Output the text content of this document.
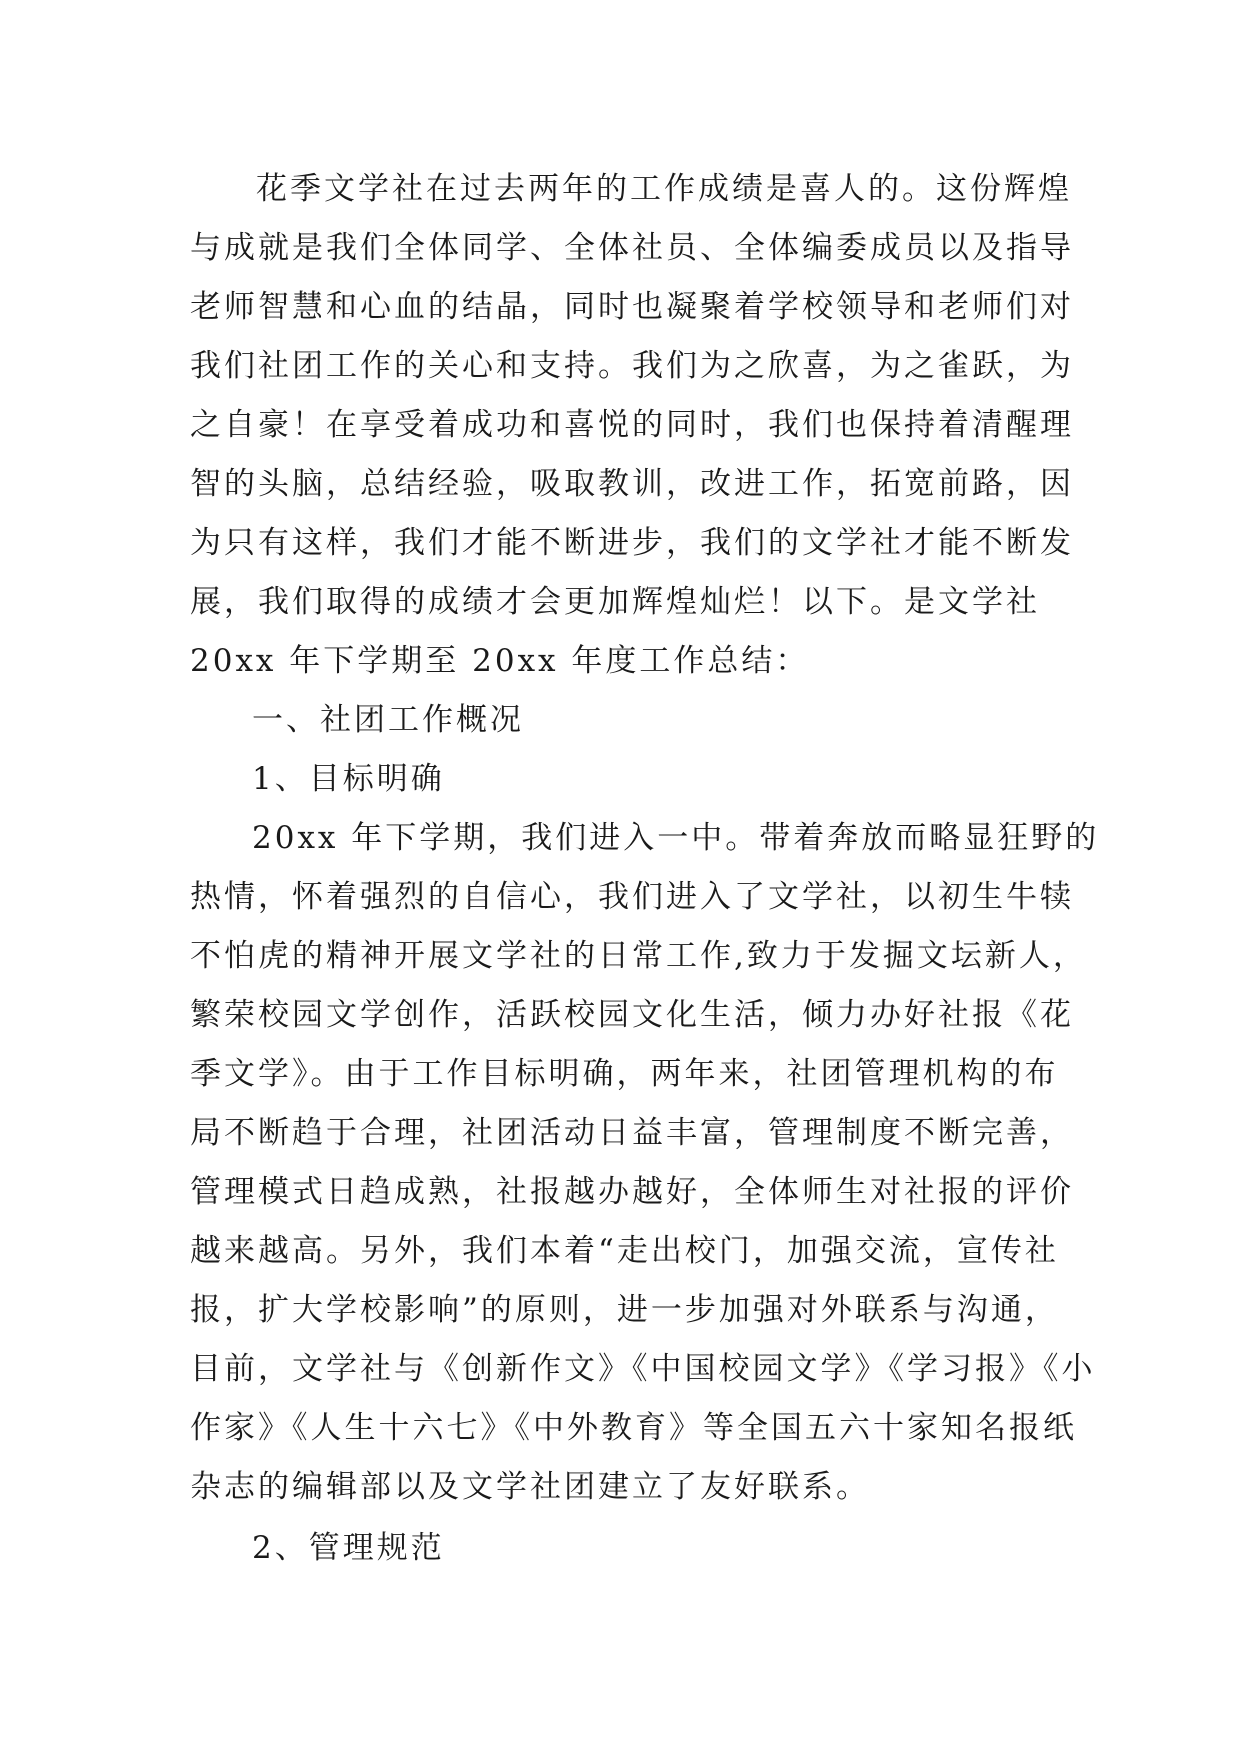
花季文学社在过去两年的工作成绩是喜人的。这份辉煌
与成就是我们全体同学、全体社员、全体编委成员以及指导
老师智慧和心血的结晶，同时也凝聚着学校领导和老师们对
我们社团工作的关心和支持。我们为之欣喜，为之雀跃，为
之自豪！在享受着成功和喜悦的同时，我们也保持着清醒理
智的头脑，总结经验，吸取教训，改进工作，拓宽前路，因
为只有这样，我们才能不断进步，我们的文学社才能不断发
展，我们取得的成绩才会更加辉煌灿烂！以下。是文学社
20xx 年下学期至 20xx 年度工作总结：
一、社团工作概况
1、目标明确
20xx 年下学期，我们进入一中。带着奔放而略显狂野的
热情，怀着强烈的自信心，我们进入了文学社，以初生牛犊
不怕虎的精神开展文学社的日常工作,致力于发掘文坛新人，
繁荣校园文学创作，活跃校园文化生活，倾力办好社报《花
季文学》。由于工作目标明确，两年来，社团管理机构的布
局不断趋于合理，社团活动日益丰富，管理制度不断完善，
管理模式日趋成熟，社报越办越好，全体师生对社报的评价
越来越高。另外，我们本着“走出校门，加强交流，宣传社
报，扩大学校影响”的原则，进一步加强对外联系与沟通，
目前，文学社与《创新作文》《中国校园文学》《学习报》《小
作家》《人生十六七》《中外教育》等全国五六十家知名报纸
杂志的编辑部以及文学社团建立了友好联系。
2、管理规范
